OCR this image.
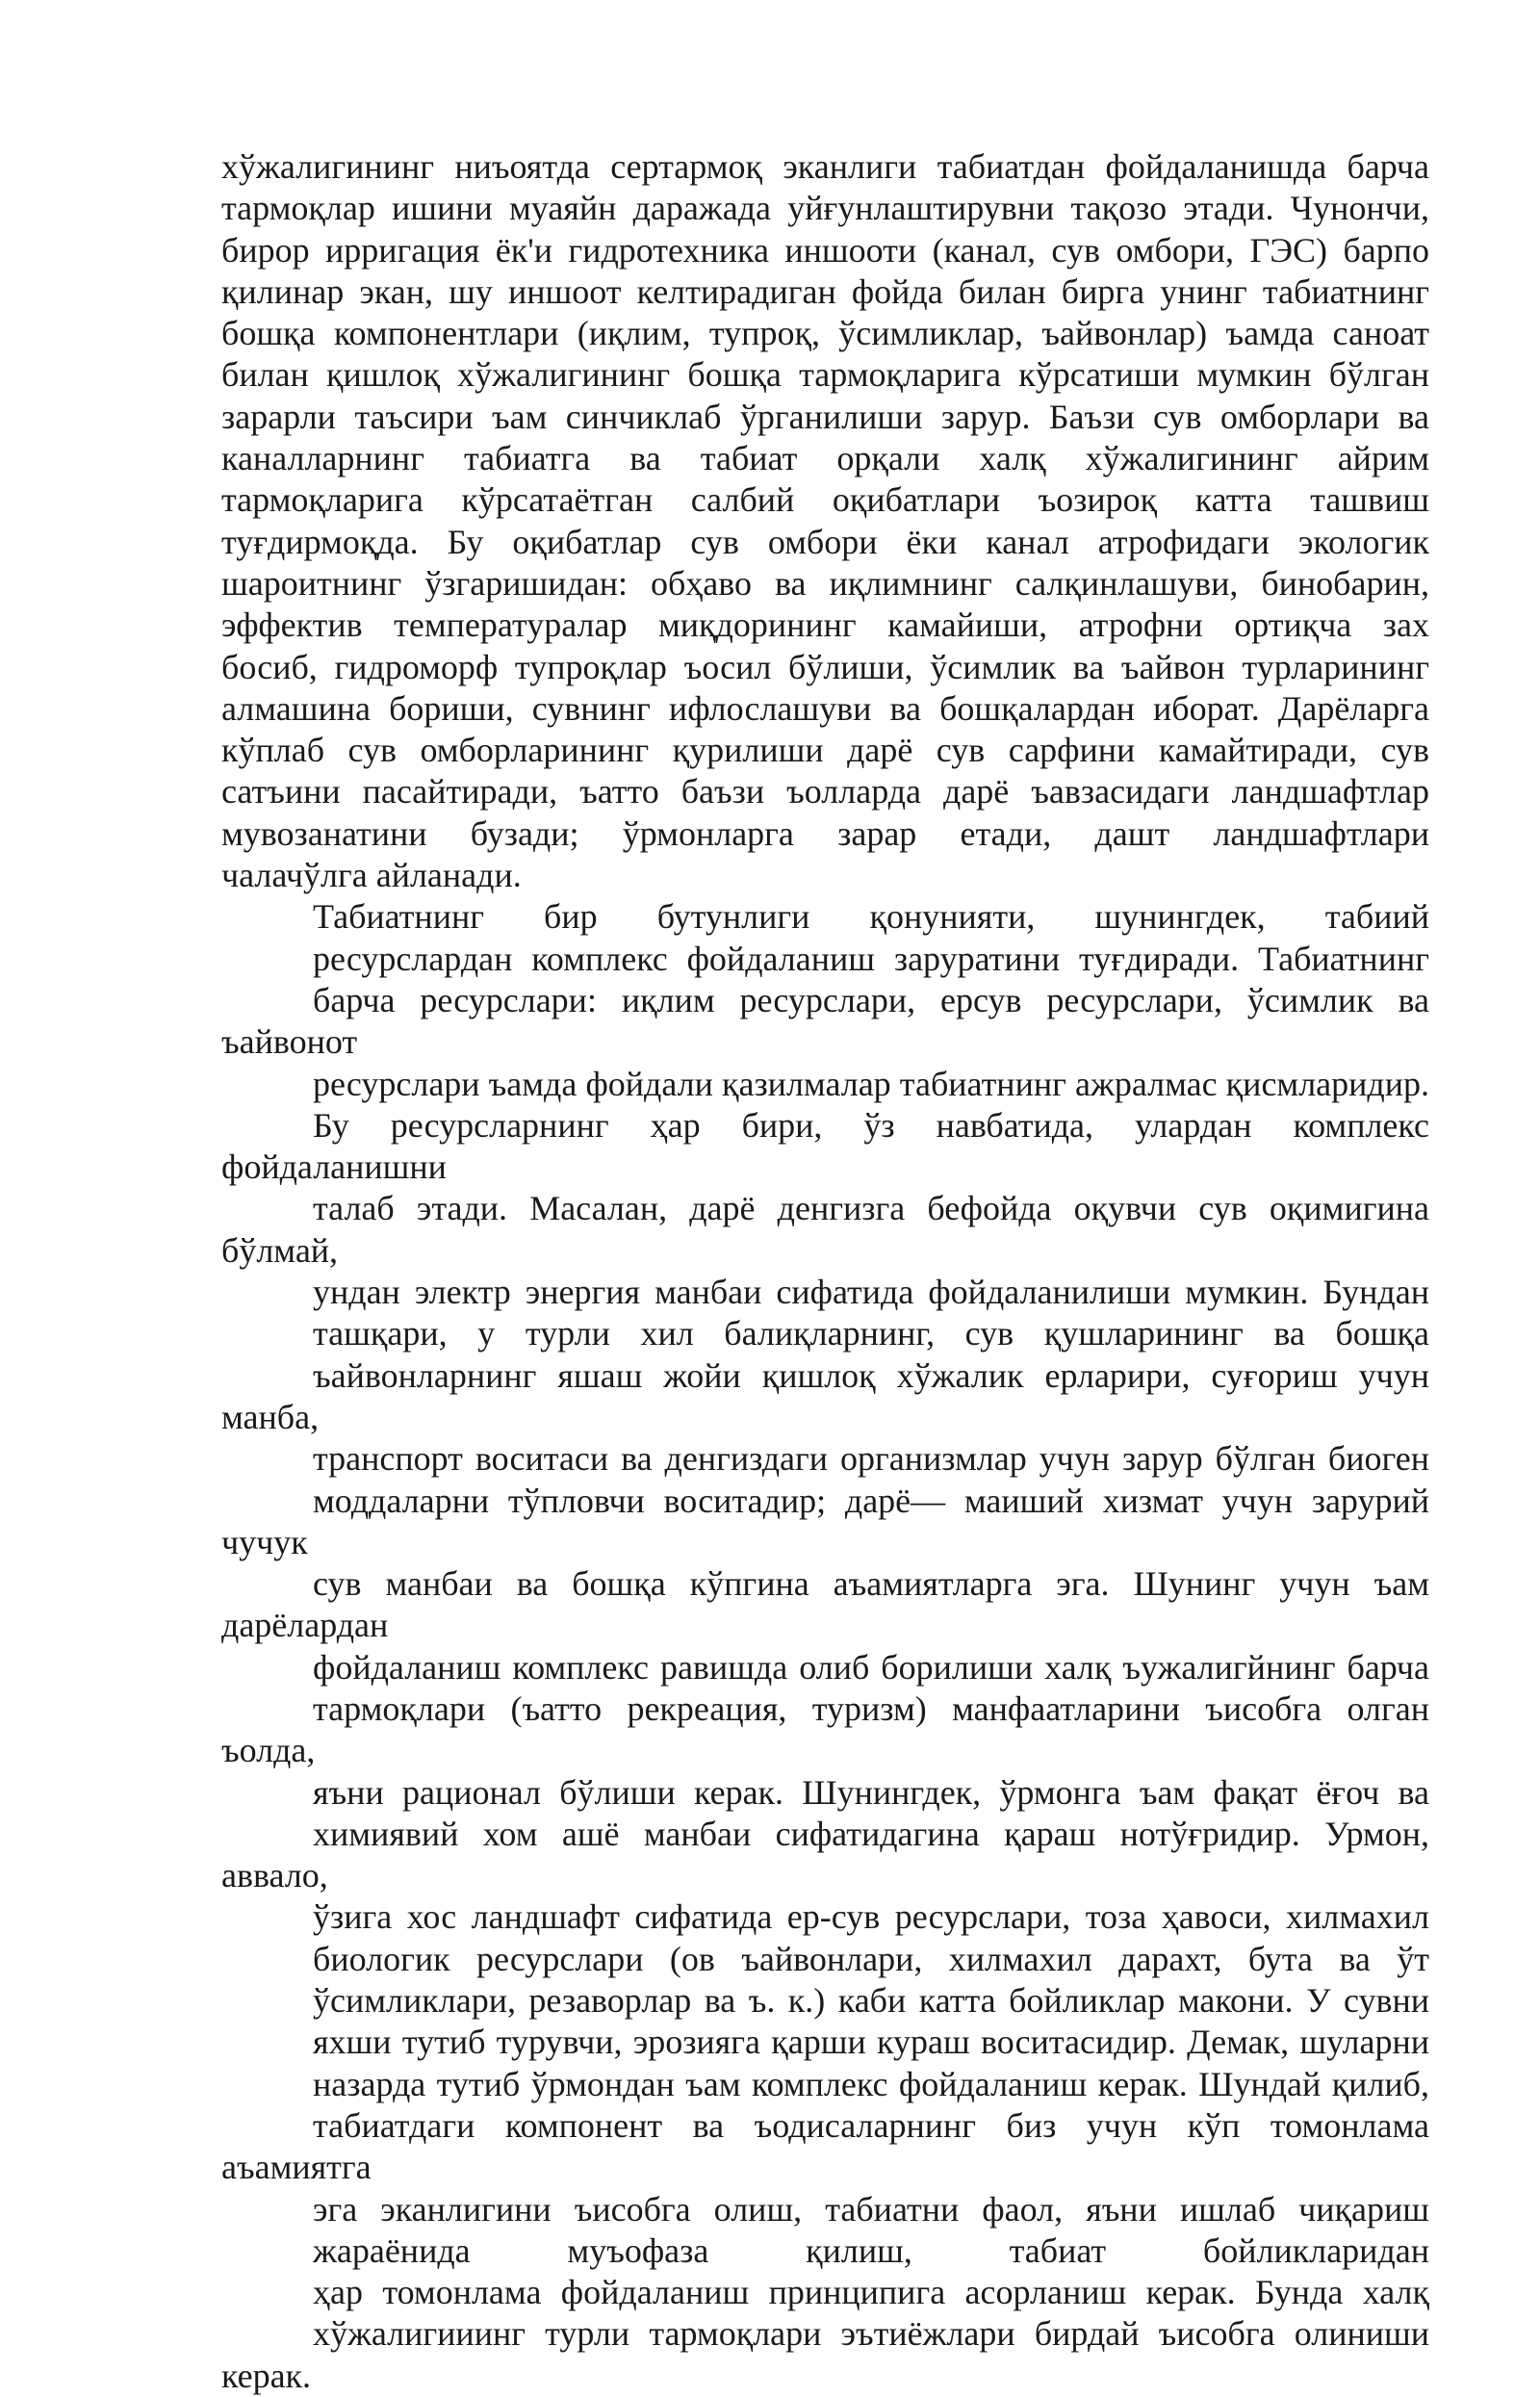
хўжалигининг ниъоятда сертармоқ эканлиги табиатдан фойдаланишда барча
тармоқлар ишини муаяйн даражада уйғунлаштирувни тақозо этади. Чунончи,
бирор ирригация ёк'и гидротехника иншооти (канал, сув омбори, ГЭС) барпо
қилинар экан, шу иншоот келтирадиган фойда билан бирга унинг табиатнинг
бошқа компонентлари (иқлим, тупроқ, ўсимликлар, ъайвонлар) ъамда саноат
билан қишлоқ хўжалигининг бошқа тармоқларига кўрсатиши мумкин бўлган
зарарли таъсири ъам синчиклаб ўрганилиши зарур. Баъзи сув омборлари ва
каналларнинг табиатга ва табиат орқали халқ хўжалигининг айрим
тармоқларига кўрсатаётган салбий оқибатлари ъозироқ катта ташвиш
туғдирмоқда. Бу оқибатлар сув омбори ёки канал атрофидаги экологик
шароитнинг ўзгаришидан: обҳаво ва иқлимнинг салқинлашуви, бинобарин,
эффектив температуралар миқдорининг камайиши, атрофни ортиқча зах
босиб, гидроморф тупроқлар ъосил бўлиши, ўсимлик ва ъайвон турларининг
алмашина бориши, сувнинг ифлослашуви ва бошқалардан иборат. Дарёларга
кўплаб сув омборларининг қурилиши дарё сув сарфини камайтиради, сув
сатъини пасайтиради, ъатто баъзи ъолларда дарё ъавзасидаги ландшафтлар
мувозанатини бузади; ўрмонларга зарар етади, дашт ландшафтлари
чалачўлга айланади.
Табиатнинг бир бутунлиги қонунияти, шунингдек, табиий
ресурслардан комплекс фойдаланиш заруратини туғдиради. Табиатнинг
барча ресурслари: иқлим ресурслари, ерсув ресурслари, ўсимлик ва ъайвонот
ресурслари ъамда фойдали қазилмалар табиатнинг ажралмас қисмларидир.
Бу ресурсларнинг ҳар бири, ўз навбатида, улардан комплекс фойдаланишни
талаб этади. Масалан, дарё денгизга бефойда оқувчи сув оқимигина бўлмай,
ундан электр энергия манбаи сифатида фойдаланилиши мумкин. Бундан
ташқари, у турли хил балиқларнинг, сув қушларининг ва бошқа
ъайвонларнинг яшаш жойи қишлоқ хўжалик ерларири, суғориш учун манба,
транспорт воситаси ва денгиздаги организмлар учун зарур бўлган биоген
моддаларни тўпловчи воситадир; дарё— маиший хизмат учун зарурий чучук
сув манбаи ва бошқа кўпгина аъамиятларга эга. Шунинг учун ъам дарёлардан
фойдаланиш комплекс равишда олиб борилиши халқ ъужалигйнинг барча
тармоқлари (ъатто рекреация, туризм) манфаатларини ъисобга олган ъолда,
яъни рационал бўлиши керак. Шунингдек, ўрмонга ъам фақат ёғоч ва
химиявий хом ашё манбаи сифатидагина қараш нотўғридир. Урмон, аввало,
ўзига хос ландшафт сифатида ер-сув ресурслари, тоза ҳавоси, хилмахил
биологик ресурслари (ов ъайвонлари, хилмахил дарахт, бута ва ўт
ўсимликлари, резаворлар ва ъ. к.) каби катта бойликлар макони. У сувни
яхши тутиб турувчи, эрозияга қарши кураш воситасидир. Демак, шуларни
назарда тутиб ўрмондан ъам комплекс фойдаланиш керак. Шундай қилиб,
табиатдаги компонент ва ъодисаларнинг биз учун кўп томонлама аъамиятга
эга эканлигини ъисобга олиш, табиатни фаол, яъни ишлаб чиқариш
жараёнида муъофаза қилиш, табиат бойликларидан
ҳар томонлама фойдаланиш принципига асорланиш керак. Бунда халқ
хўжалигииинг турли тармоқлари эътиёжлари бирдай ъисобга олиниши керак.
